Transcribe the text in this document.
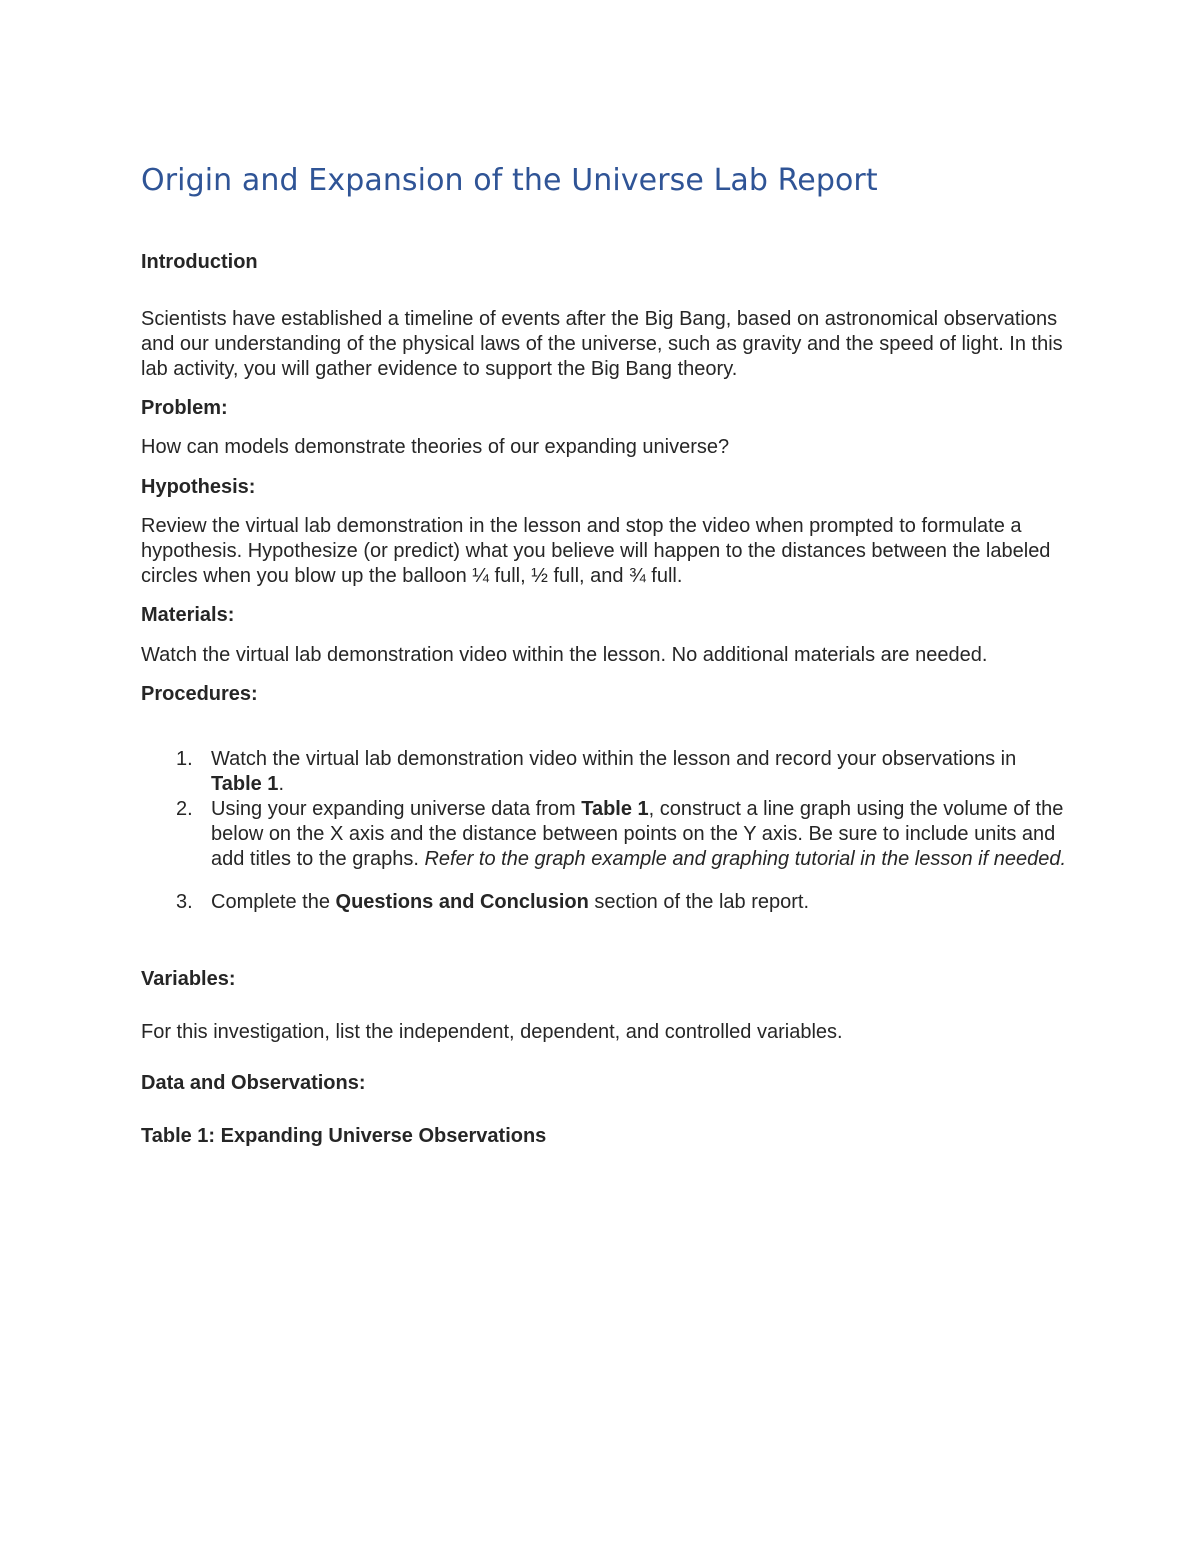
Origin and Expansion of the Universe Lab Report
Introduction
Scientists have established a timeline of events after the Big Bang, based on astronomical observations and our understanding of the physical laws of the universe, such as gravity and the speed of light. In this lab activity, you will gather evidence to support the Big Bang theory.
Problem:
How can models demonstrate theories of our expanding universe?
Hypothesis:
Review the virtual lab demonstration in the lesson and stop the video when prompted to formulate a hypothesis. Hypothesize (or predict) what you believe will happen to the distances between the labeled circles when you blow up the balloon ¼ full, ½ full, and ¾ full.
Materials:
Watch the virtual lab demonstration video within the lesson. No additional materials are needed.
Procedures:
1. Watch the virtual lab demonstration video within the lesson and record your observations in Table 1.
2. Using your expanding universe data from Table 1, construct a line graph using the volume of the below on the X axis and the distance between points on the Y axis. Be sure to include units and add titles to the graphs. Refer to the graph example and graphing tutorial in the lesson if needed.
3. Complete the Questions and Conclusion section of the lab report.
Variables:
For this investigation, list the independent, dependent, and controlled variables.
Data and Observations:
Table 1: Expanding Universe Observations
